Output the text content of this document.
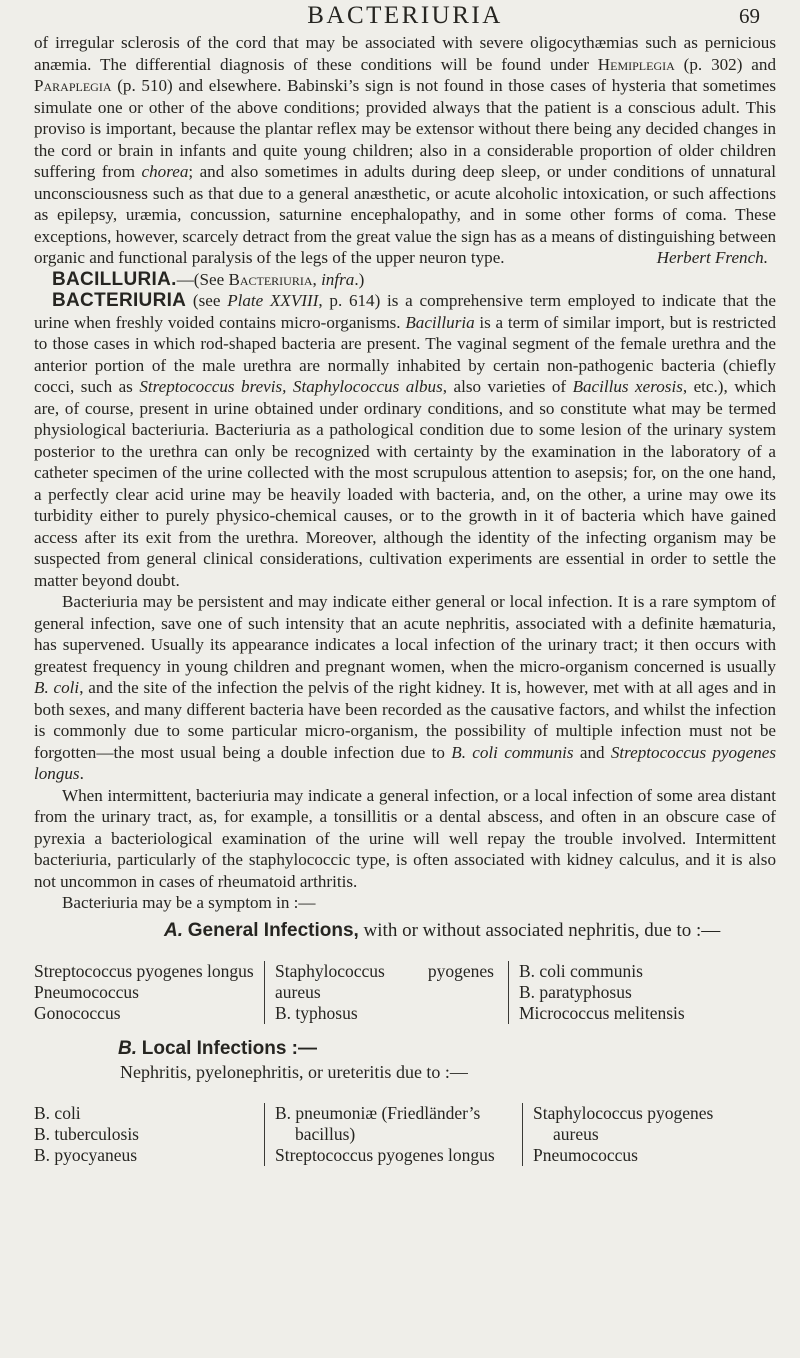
BACTERIURIA	69

of irregular sclerosis of the cord that may be associated with severe oligocythæmias such as pernicious anæmia. The differential diagnosis of these conditions will be found under Hemiplegia (p. 302) and Paraplegia (p. 510) and elsewhere. Babinski’s sign is not found in those cases of hysteria that sometimes simulate one or other of the above conditions; provided always that the patient is a conscious adult. This proviso is important, because the plantar reflex may be extensor without there being any decided changes in the cord or brain in infants and quite young children; also in a considerable proportion of older children suffering from chorea; and also sometimes in adults during deep sleep, or under conditions of unnatural unconsciousness such as that due to a general anæsthetic, or acute alcoholic intoxication, or such affections as epilepsy, uræmia, concussion, saturnine encephalopathy, and in some other forms of coma. These exceptions, however, scarcely detract from the great value the sign has as a means of distinguishing between organic and functional paralysis of the legs of the upper neuron type.	Herbert French.

BACILLURIA.—(See Bacteriuria, infra.)

BACTERIURIA (see Plate XXVIII, p. 614) is a comprehensive term employed to indicate that the urine when freshly voided contains micro-organisms. Bacilluria is a term of similar import, but is restricted to those cases in which rod-shaped bacteria are present. The vaginal segment of the female urethra and the anterior portion of the male urethra are normally inhabited by certain non-pathogenic bacteria (chiefly cocci, such as Streptococcus brevis, Staphylococcus albus, also varieties of Bacillus xerosis, etc.), which are, of course, present in urine obtained under ordinary conditions, and so constitute what may be termed physiological bacteriuria. Bacteriuria as a pathological condition due to some lesion of the urinary system posterior to the urethra can only be recognized with certainty by the examination in the laboratory of a catheter specimen of the urine collected with the most scrupulous attention to asepsis; for, on the one hand, a perfectly clear acid urine may be heavily loaded with bacteria, and, on the other, a urine may owe its turbidity either to purely physico-chemical causes, or to the growth in it of bacteria which have gained access after its exit from the urethra. Moreover, although the identity of the infecting organism may be suspected from general clinical considerations, cultivation experiments are essential in order to settle the matter beyond doubt.

Bacteriuria may be persistent and may indicate either general or local infection. It is a rare symptom of general infection, save one of such intensity that an acute nephritis, associated with a definite hæmaturia, has supervened. Usually its appearance indicates a local infection of the urinary tract; it then occurs with greatest frequency in young children and pregnant women, when the micro-organism concerned is usually B. coli, and the site of the infection the pelvis of the right kidney. It is, however, met with at all ages and in both sexes, and many different bacteria have been recorded as the causative factors, and whilst the infection is commonly due to some particular micro-organism, the possibility of multiple infection must not be forgotten—the most usual being a double infection due to B. coli communis and Streptococcus pyogenes longus.

When intermittent, bacteriuria may indicate a general infection, or a local infection of some area distant from the urinary tract, as, for example, a tonsillitis or a dental abscess, and often in an obscure case of pyrexia a bacteriological examination of the urine will well repay the trouble involved. Intermittent bacteriuria, particularly of the staphylococcic type, is often associated with kidney calculus, and it is also not uncommon in cases of rheumatoid arthritis.

Bacteriuria may be a symptom in :—

A. General Infections, with or without associated nephritis, due to :—
Streptococcus pyogenes longus
Pneumococcus
Gonococcus
Staphylococcus pyogenes aureus
B. typhosus
B. coli communis
B. paratyphosus
Micrococcus melitensis
B. Local Infections :—
Nephritis, pyelonephritis, or ureteritis due to :—
B. coli
B. tuberculosis
B. pyocyaneus
B. pneumoniæ (Friedländer’s
bacillus)
Streptococcus pyogenes longus
Staphylococcus pyogenes
aureus
Pneumococcus
